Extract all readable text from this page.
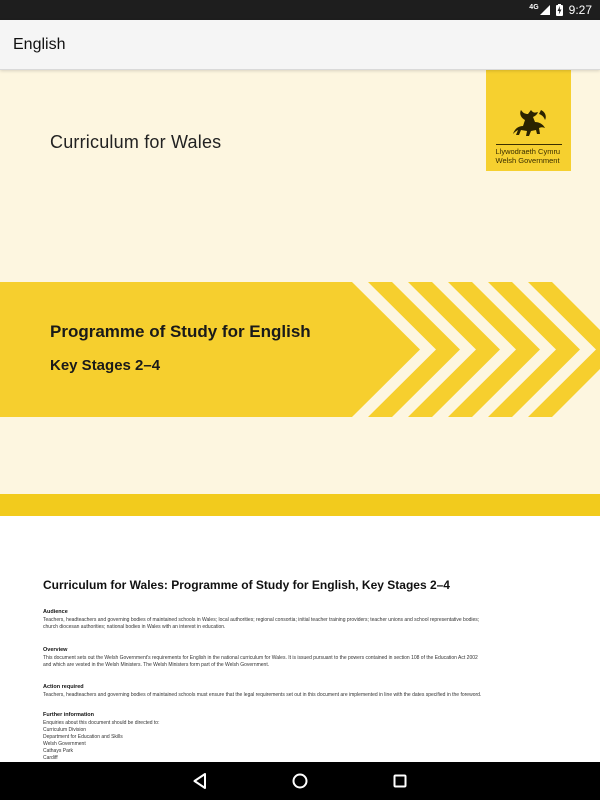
4G	9:27
English
Curriculum for Wales	Llywodraeth Cymru
Welsh Government
Programme of Study for English
Key Stages 2–4
Curriculum for Wales: Programme of Study for English, Key Stages 2–4
Audience
Teachers, headteachers and governing bodies of maintained schools in Wales; local authorities; regional consortia; initial teacher training providers; teacher unions and school representative bodies;
church diocesan authorities; national bodies in Wales with an interest in education.
Overview
This document sets out the Welsh Government's requirements for English in the national curriculum for Wales. It is issued pursuant to the powers contained in section 108 of the Education Act 2002
and which are vested in the Welsh Ministers. The Welsh Ministers form part of the Welsh Government.
Action required
Teachers, headteachers and governing bodies of maintained schools must ensure that the legal requirements set out in this document are implemented in line with the dates specified in the foreword.
Further information
Enquiries about this document should be directed to:
Curriculum Division
Department for Education and Skills
Welsh Government
Cathays Park
Cardiff
